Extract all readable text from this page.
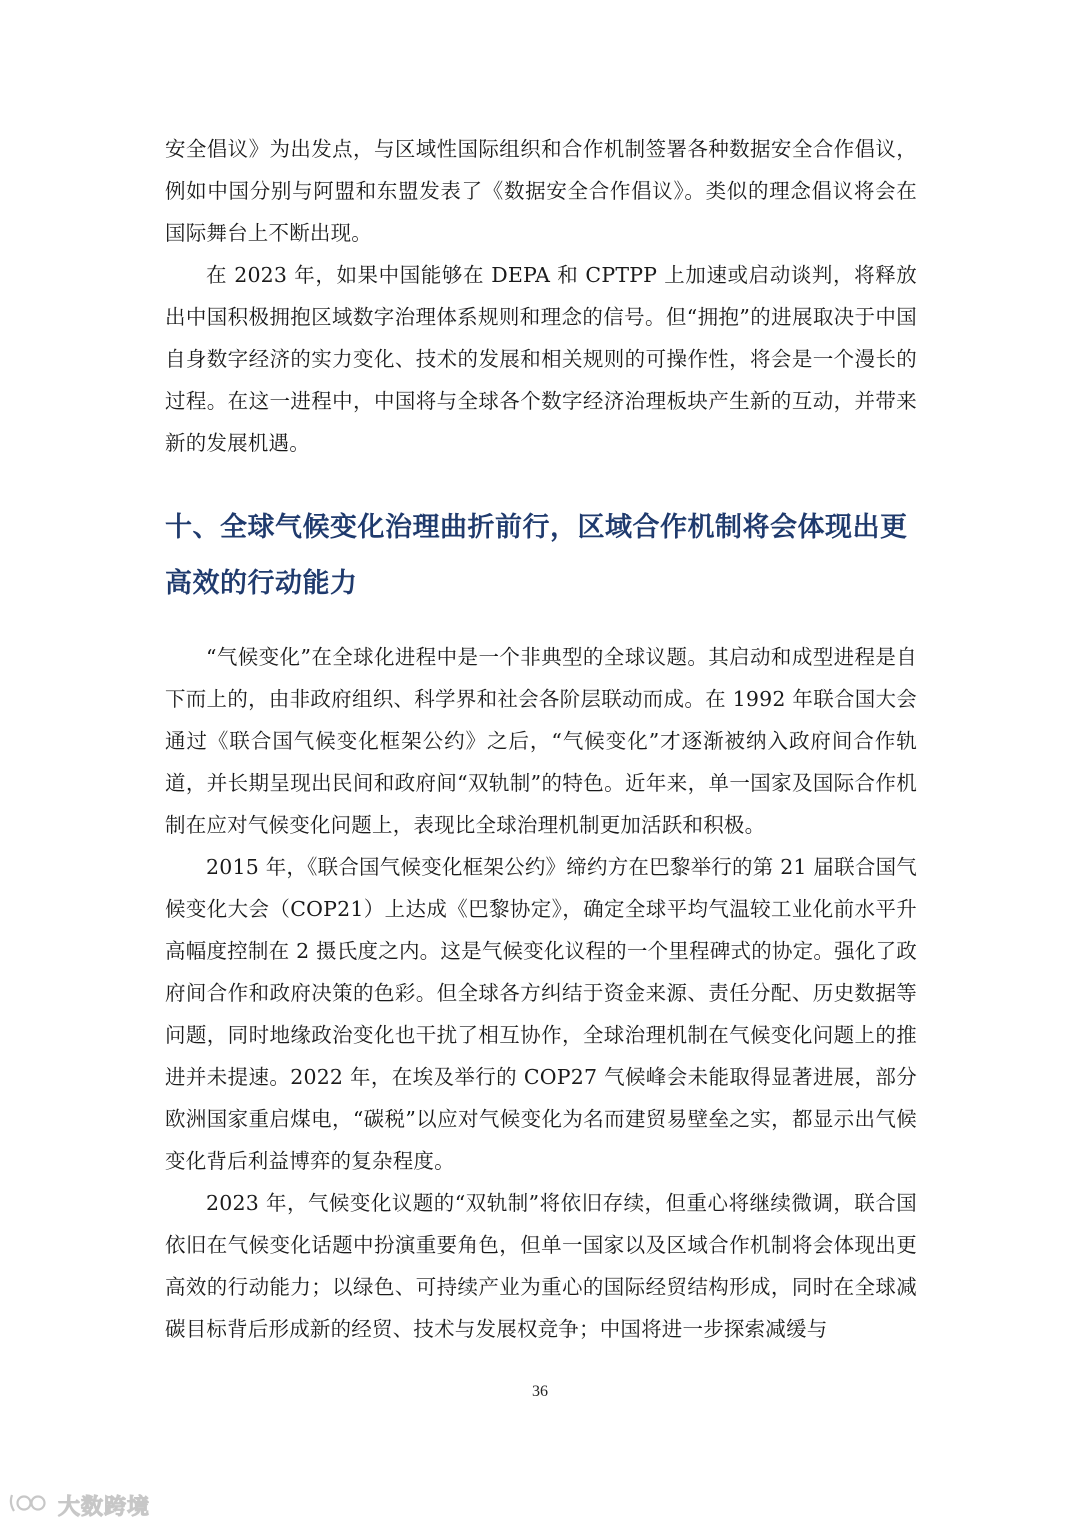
安全倡议》为出发点，与区域性国际组织和合作机制签署各种数据安全合作倡议，例如中国分别与阿盟和东盟发表了《数据安全合作倡议》。类似的理念倡议将会在国际舞台上不断出现。

在 2023 年，如果中国能够在 DEPA 和 CPTPP 上加速或启动谈判，将释放出中国积极拥抱区域数字治理体系规则和理念的信号。但“拥抱”的进展取决于中国自身数字经济的实力变化、技术的发展和相关规则的可操作性，将会是一个漫长的过程。在这一进程中，中国将与全球各个数字经济治理板块产生新的互动，并带来新的发展机遇。

十、全球气候变化治理曲折前行，区域合作机制将会体现出更高效的行动能力

“气候变化”在全球化进程中是一个非典型的全球议题。其启动和成型进程是自下而上的，由非政府组织、科学界和社会各阶层联动而成。在 1992 年联合国大会通过《联合国气候变化框架公约》之后，“气候变化”才逐渐被纳入政府间合作轨道，并长期呈现出民间和政府间“双轨制”的特色。近年来，单一国家及国际合作机制在应对气候变化问题上，表现比全球治理机制更加活跃和积极。

2015 年，《联合国气候变化框架公约》缔约方在巴黎举行的第 21 届联合国气候变化大会（COP21）上达成《巴黎协定》，确定全球平均气温较工业化前水平升高幅度控制在 2 摄氏度之内。这是气候变化议程的一个里程碑式的协定。强化了政府间合作和政府决策的色彩。但全球各方纠结于资金来源、责任分配、历史数据等问题，同时地缘政治变化也干扰了相互协作，全球治理机制在气候变化问题上的推进并未提速。2022 年，在埃及举行的 COP27 气候峰会未能取得显著进展，部分欧洲国家重启煤电，“碳税”以应对气候变化为名而建贸易壁垒之实，都显示出气候变化背后利益博弈的复杂程度。

2023 年，气候变化议题的“双轨制”将依旧存续，但重心将继续微调，联合国依旧在气候变化话题中扮演重要角色，但单一国家以及区域合作机制将会体现出更高效的行动能力；以绿色、可持续产业为重心的国际经贸结构形成，同时在全球减碳目标背后形成新的经贸、技术与发展权竞争；中国将进一步探索减缓与

36
大数跨境
